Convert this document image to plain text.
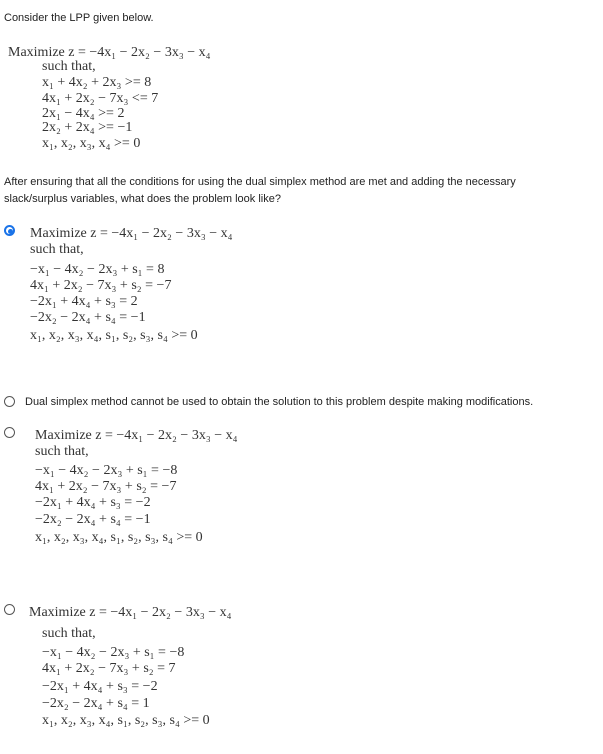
Consider the LPP given below.
Maximize z = −4x₁ − 2x₂ − 3x₃ − x₄
such that,
x₁ + 4x₂ + 2x₃ >= 8
4x₁ + 2x₂ − 7x₃ <= 7
2x₁ − 4x₄ >= 2
2x₂ + 2x₄ >= −1
x₁, x₂, x₃, x₄ >= 0
After ensuring that all the conditions for using the dual simplex method are met and adding the necessary
slack/surplus variables, what does the problem look like?
Maximize z = −4x₁ − 2x₂ − 3x₃ − x₄
such that,
−x₁ − 4x₂ − 2x₃ + s₁ = 8
4x₁ + 2x₂ − 7x₃ + s₂ = −7
−2x₁ + 4x₄ + s₃ = 2
−2x₂ − 2x₄ + s₄ = −1
x₁, x₂, x₃, x₄, s₁, s₂, s₃, s₄ >= 0
Dual simplex method cannot be used to obtain the solution to this problem despite making modifications.
Maximize z = −4x₁ − 2x₂ − 3x₃ − x₄
such that,
−x₁ − 4x₂ − 2x₃ + s₁ = −8
4x₁ + 2x₂ − 7x₃ + s₂ = −7
−2x₁ + 4x₄ + s₃ = −2
−2x₂ − 2x₄ + s₄ = −1
x₁, x₂, x₃, x₄, s₁, s₂, s₃, s₄ >= 0
Maximize z = −4x₁ − 2x₂ − 3x₃ − x₄
such that,
−x₁ − 4x₂ − 2x₃ + s₁ = −8
4x₁ + 2x₂ − 7x₃ + s₂ = 7
−2x₁ + 4x₄ + s₃ = −2
−2x₂ − 2x₄ + s₄ = 1
x₁, x₂, x₃, x₄, s₁, s₂, s₃, s₄ >= 0
